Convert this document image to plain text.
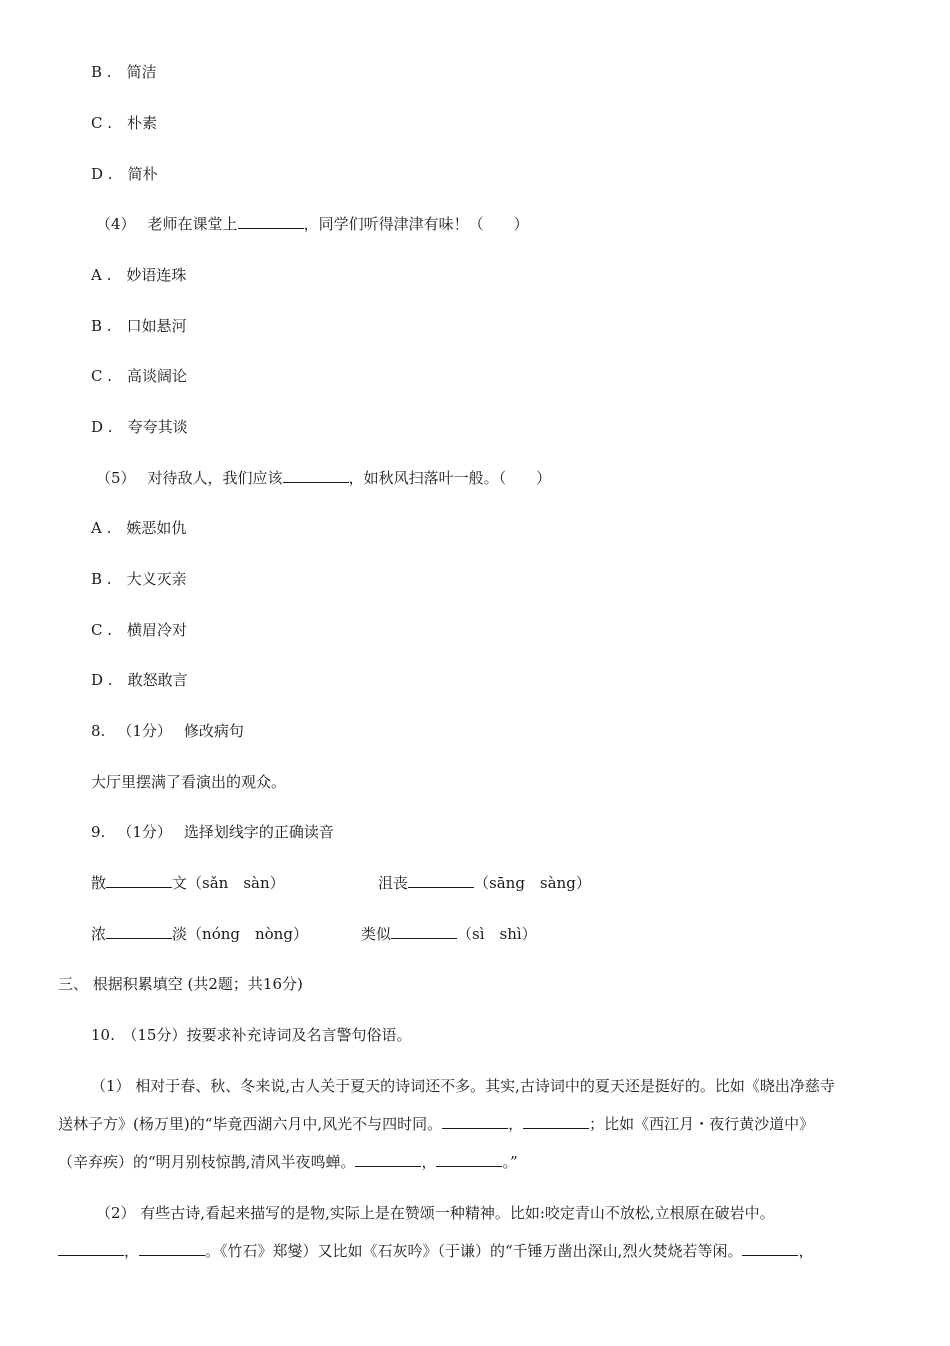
B .　简洁
C .　朴素
D .　简朴
（4） 老师在课堂上	，同学们听得津津有味！（　　）
A .　妙语连珠
B .　口如悬河
C .　高谈阔论
D .　夸夸其谈
（5） 对待敌人，我们应该	，如秋风扫落叶一般。（　　）
A .　嫉恶如仇
B .　大义灭亲
C .　横眉冷对
D .　敢怒敢言
8. （1分） 修改病句
大厅里摆满了看演出的观众。
9. （1分） 选择划线字的正确读音
散	文（sǎn　sàn）	沮丧	（sāng　sàng）
浓	淡（nóng　nòng）	类似	（sì　shì）
三、 根据积累填空 (共2题；共16分)
10.　（15分）按要求补充诗词及名言警句俗语。
（1） 相对于春、秋、冬来说,古人关于夏天的诗词还不多。其实,古诗词中的夏天还是挺好的。比如《晓出净慈寺
送林子方》(杨万里)的“毕竟西湖六月中,风光不与四时同。	，	；比如《西江月・夜行黄沙道中》
（辛弃疾）的“明月别枝惊鹊,清风半夜鸣蝉。	，	。”
（2） 有些古诗,看起来描写的是物,实际上是在赞颂一种精神。比如:咬定青山不放松,立根原在破岩中。
，	。《竹石》郑燮）又比如《石灰吟》（于谦）的“千锤万凿出深山,烈火焚烧若等闲。	，
